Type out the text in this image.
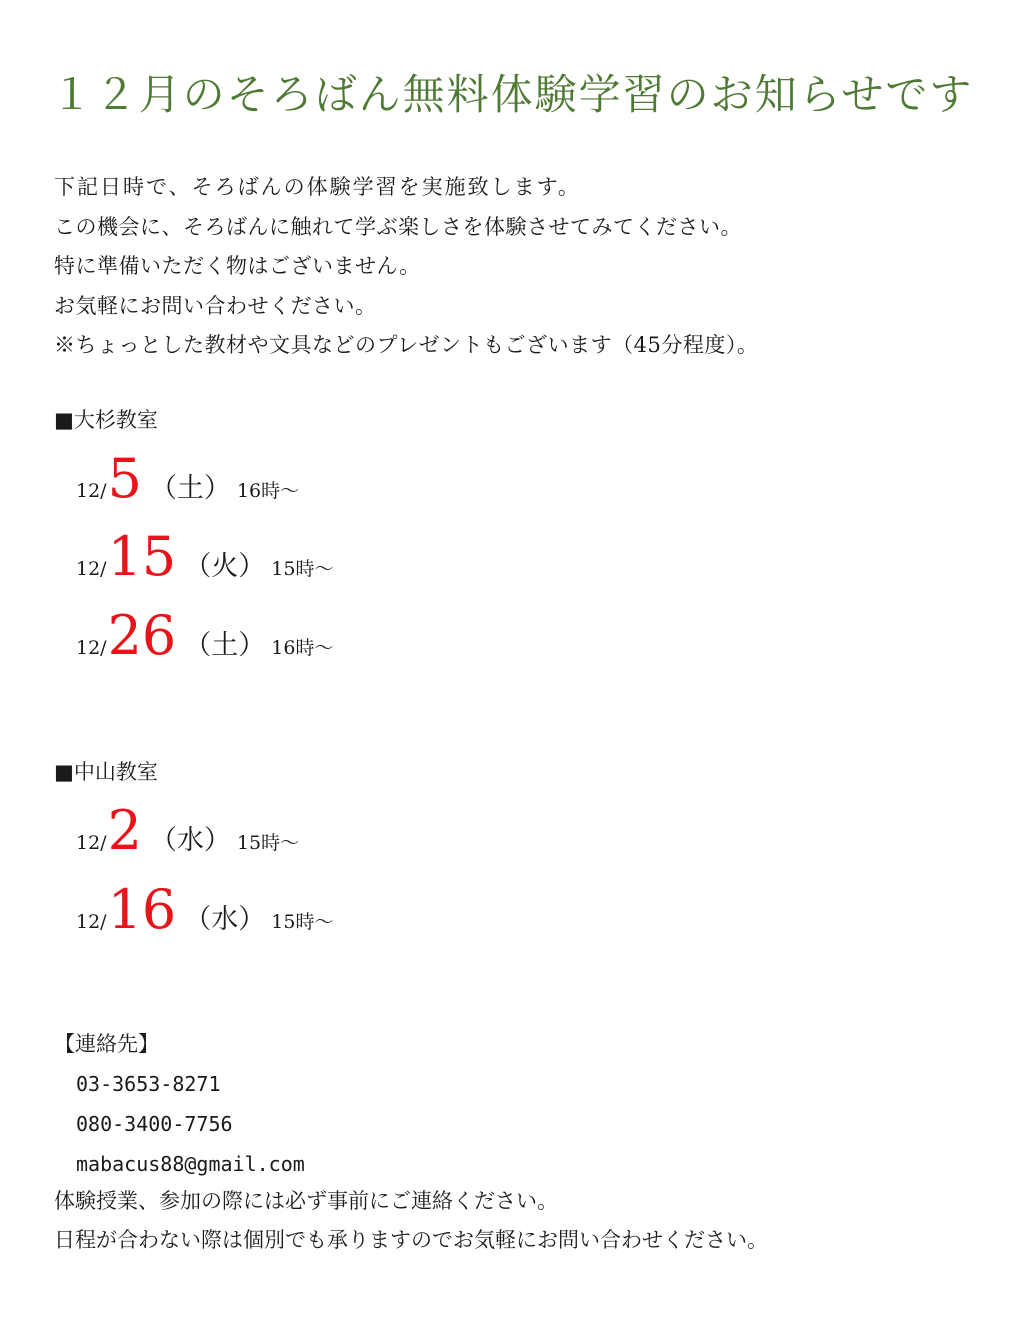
１２月のそろばん無料体験学習のお知らせです

下記日時で、そろばんの体験学習を実施致します。

この機会に、そろばんに触れて学ぶ楽しさを体験させてみてください。

特に準備いただく物はございません。

お気軽にお問い合わせください。

※ちょっとした教材や文具などのプレゼントもございます（45分程度）。

■大杉教室
12/5 （土） 16時～
12/15 （火） 15時～
12/26 （土） 16時～
■中山教室
12/2 （水） 15時～
12/16 （水） 15時～
【連絡先】
03-3653-8271
080-3400-7756
mabacus88@gmail.com

体験授業、参加の際には必ず事前にご連絡ください。

日程が合わない際は個別でも承りますのでお気軽にお問い合わせください。
